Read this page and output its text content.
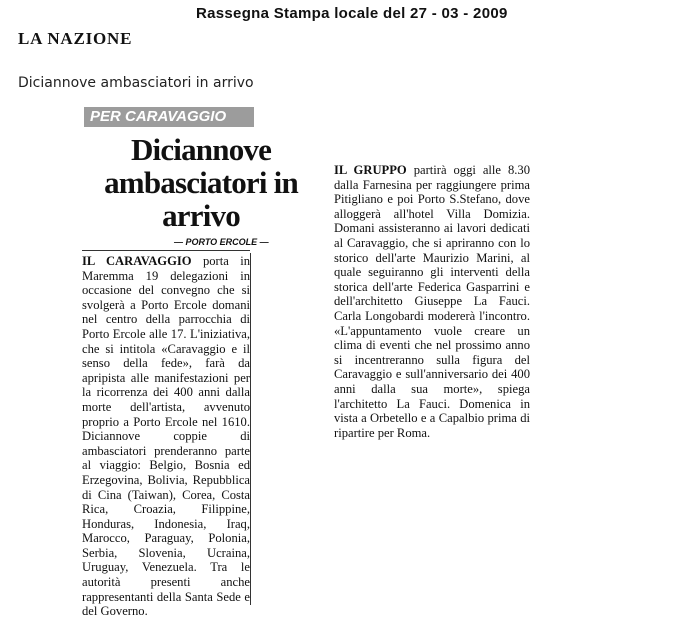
Rassegna Stampa locale del 27 - 03 - 2009
LA NAZIONE
Diciannove ambasciatori in arrivo
PER CARAVAGGIO
Diciannove ambasciatori in arrivo
— PORTO ERCOLE —
IL CARAVAGGIO porta in Maremma 19 delegazioni in occasione del convegno che si svolgerà a Porto Ercole domani nel centro della parrocchia di Porto Ercole alle 17. L'iniziativa, che si intitola «Caravaggio e il senso della fede», farà da apripista alle manifestazioni per la ricorrenza dei 400 anni dalla morte dell'artista, avvenuto proprio a Porto Ercole nel 1610. Diciannove coppie di ambasciatori prenderanno parte al viaggio: Belgio, Bosnia ed Erzegovina, Bolivia, Repubblica di Cina (Taiwan), Corea, Costa Rica, Croazia, Filippine, Honduras, Indonesia, Iraq, Marocco, Paraguay, Polonia, Serbia, Slovenia, Ucraina, Uruguay, Venezuela. Tra le autorità presenti anche rappresentanti della Santa Sede e del Governo.
IL GRUPPO partirà oggi alle 8.30 dalla Farnesina per raggiungere prima Pitigliano e poi Porto S.Stefano, dove alloggerà all'hotel Villa Domizia. Domani assisteranno ai lavori dedicati al Caravaggio, che si apriranno con lo storico dell'arte Maurizio Marini, al quale seguiranno gli interventi della storica dell'arte Federica Gasparrini e dell'architetto Giuseppe La Fauci. Carla Longobardi modererà l'incontro. «L'appuntamento vuole creare un clima di eventi che nel prossimo anno si incentreranno sulla figura del Caravaggio e sull'anniversario dei 400 anni dalla sua morte», spiega l'architetto La Fauci. Domenica in vista a Orbetello e a Capalbio prima di ripartire per Roma.
